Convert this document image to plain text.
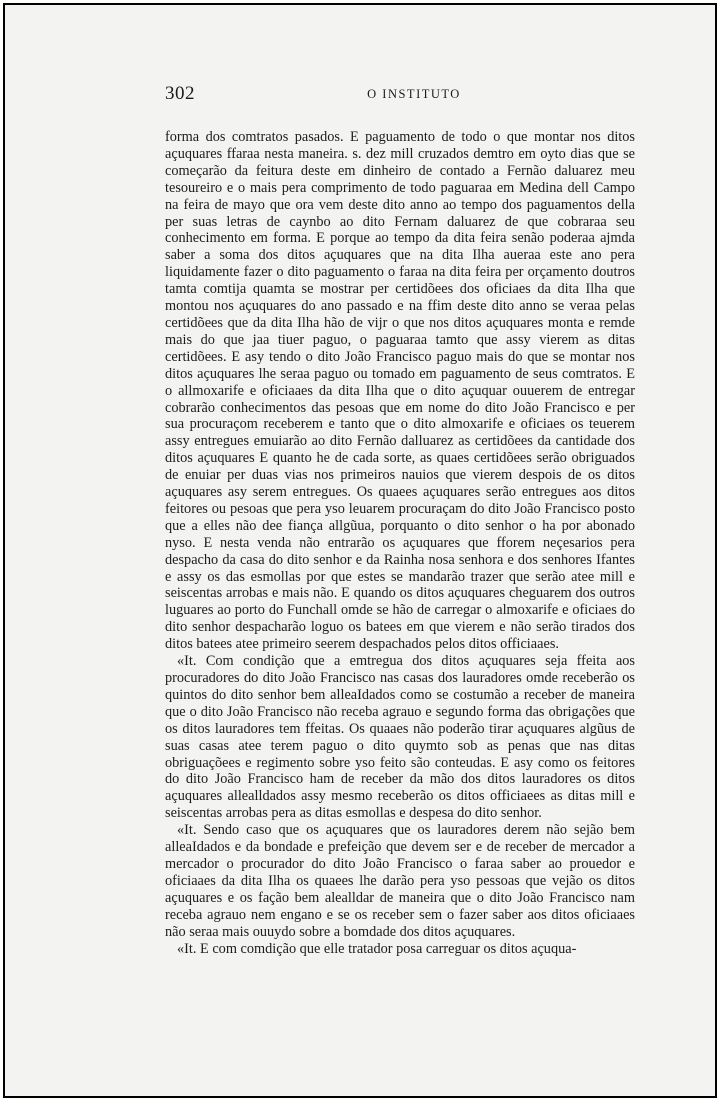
302	O INSTITUTO

forma dos comtratos pasados. E paguamento de todo o que montar nos ditos açuquares ffaraa nesta maneira. s. dez mill cruzados demtro em oyto dias que se começarão da feitura deste em dinheiro de contado a Fernão daluarez meu tesoureiro e o mais pera comprimento de todo paguaraa em Medina dell Campo na feira de mayo que ora vem deste dito anno ao tempo dos paguamentos della per suas letras de caynbo ao dito Fernam daluarez de que cobraraa seu conhecimento em forma. E porque ao tempo da dita feira senão poderaa ajmda saber a soma dos ditos açuquares que na dita Ilha aueraa este ano pera liquidamente fazer o dito paguamento o faraa na dita feira per orçamento doutros tamta comtija quamta se mostrar per certidõees dos oficiaes da dita Ilha que montou nos açuquares do ano passado e na ffim deste dito anno se veraa pelas certidõees que da dita Ilha hão de vijr o que nos ditos açuquares monta e remde mais do que jaa tiuer paguo, o paguaraa tamto que assy vierem as ditas certidõees. E asy tendo o dito João Francisco paguo mais do que se montar nos ditos açuquares lhe seraa paguo ou tomado em paguamento de seus comtratos. E o allmoxarife e oficiaaes da dita Ilha que o dito açuquar ouuerem de entregar cobrarão conhecimentos das pesoas que em nome do dito João Francisco e per sua procuraçom receberem e tanto que o dito almoxarife e oficiaes os teuerem assy entregues emuiarão ao dito Fernão dalluarez as certidõees da cantidade dos ditos açuquares E quanto he de cada sorte, as quaes certidõees serão obriguados de enuiar per duas vias nos primeiros nauios que vierem despois de os ditos açuquares asy serem entregues. Os quaees açuquares serão entregues aos ditos feitores ou pesoas que pera yso leuarem procuraçam do dito João Francisco posto que a elles não dee fiança allgũua, porquanto o dito senhor o ha por abonado nyso. E nesta venda não entrarão os açuquares que fforem neçesarios pera despacho da casa do dito senhor e da Rainha nosa senhora e dos senhores Ifantes e assy os das esmollas por que estes se mandarão trazer que serão atee mill e seiscentas arrobas e mais não. E quando os ditos açuquares cheguarem dos outros luguares ao porto do Funchall omde se hão de carregar o almoxarife e oficiaes do dito senhor despacharão loguo os batees em que vierem e não serão tirados dos ditos batees atee primeiro seerem despachados pelos ditos officiaaes.

«It. Com condição que a emtregua dos ditos açuquares seja ffeita aos procuradores do dito João Francisco nas casas dos lauradores omde receberão os quintos do dito senhor bem alleaIdados como se costumão a receber de maneira que o dito João Francisco não receba agrauo e segundo forma das obrigações que os ditos lauradores tem ffeitas. Os quaaes não poderão tirar açuquares algũus de suas casas atee terem paguo o dito quymto sob as penas que nas ditas obriguaçõees e regimento sobre yso feito são conteudas. E asy como os feitores do dito João Francisco ham de receber da mão dos ditos lauradores os ditos açuquares allealldados assy mesmo receberão os ditos officiaees as ditas mill e seiscentas arrobas pera as ditas esmollas e despesa do dito senhor.

«It. Sendo caso que os açuquares que os lauradores derem não sejão bem alleaIdados e da bondade e prefeição que devem ser e de receber de mercador a mercador o procurador do dito João Francisco o faraa saber ao prouedor e oficiaaes da dita Ilha os quaees lhe darão pera yso pessoas que vejão os ditos açuquares e os fação bem alealldar de maneira que o dito João Francisco nam receba agrauo nem engano e se os receber sem o fazer saber aos ditos oficiaaes não seraa mais ouuydo sobre a bomdade dos ditos açuquares.

«It. E com comdição que elle tratador posa carreguar os ditos açuqua-
